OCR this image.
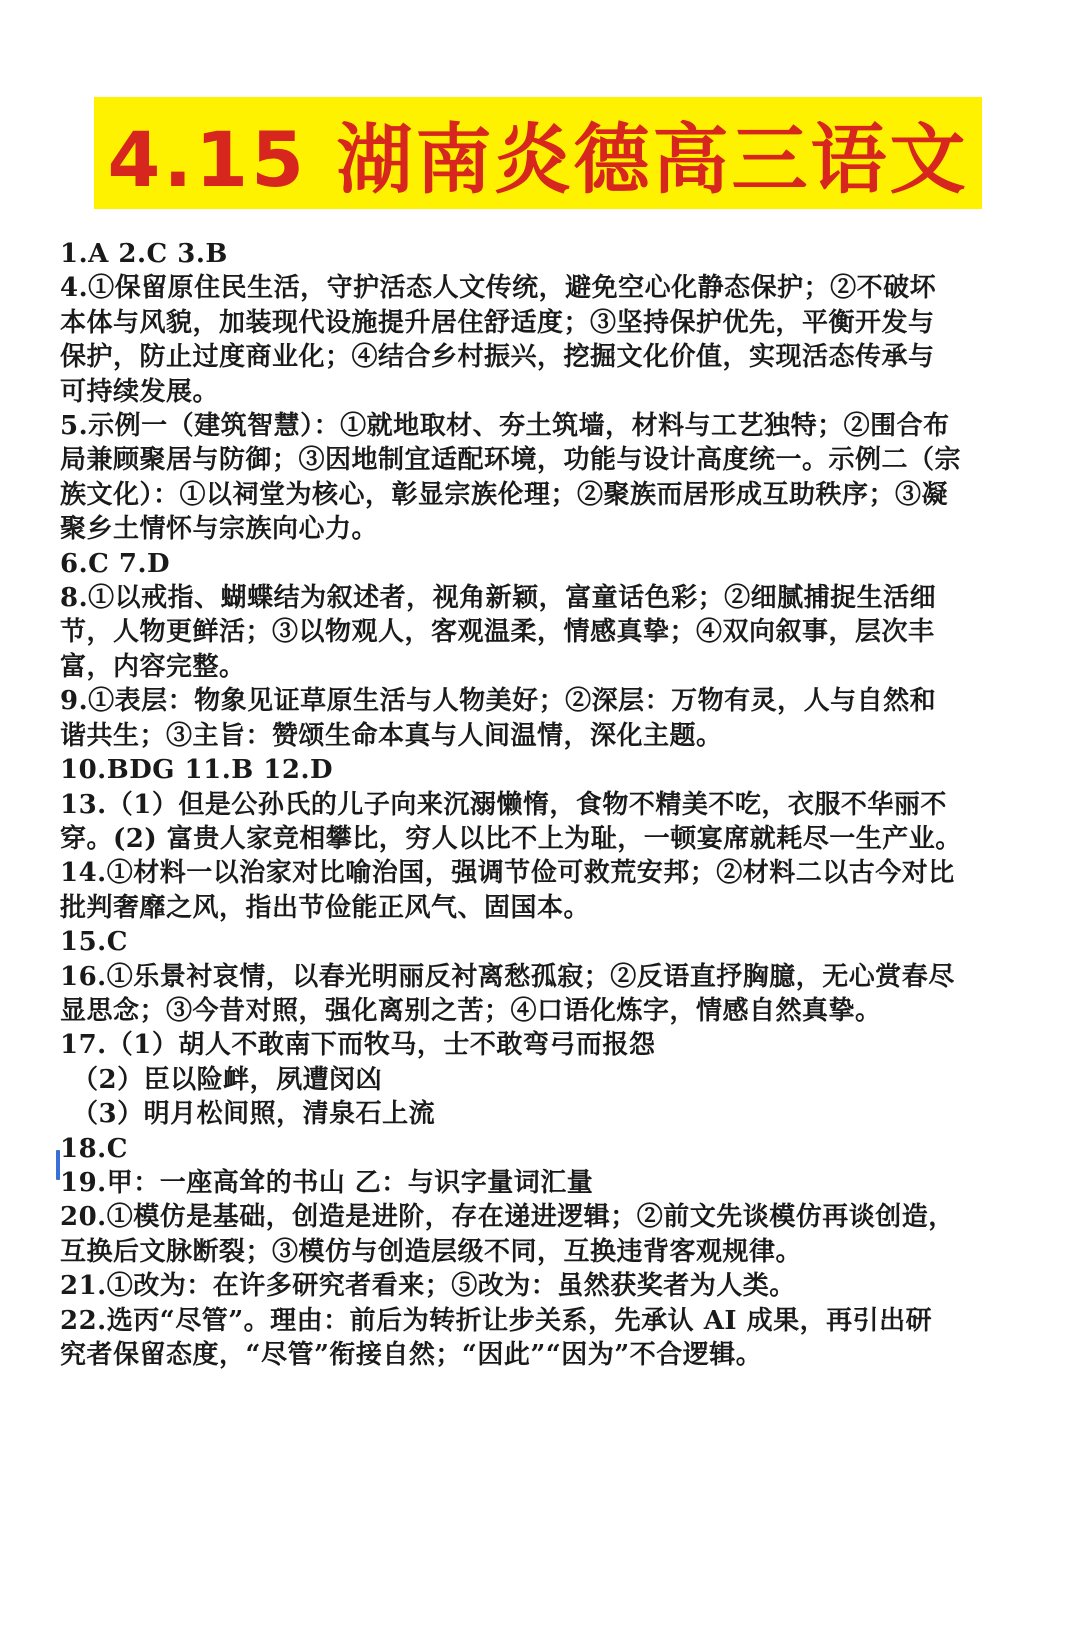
4.15 湖南炎德高三语文
1.A 2.C 3.B
4.①保留原住民生活，守护活态人文传统，避免空心化静态保护；②不破坏
本体与风貌，加装现代设施提升居住舒适度；③坚持保护优先，平衡开发与
保护，防止过度商业化；④结合乡村振兴，挖掘文化价值，实现活态传承与
可持续发展。
5.示例一（建筑智慧）：①就地取材、夯土筑墙，材料与工艺独特；②围合布
局兼顾聚居与防御；③因地制宜适配环境，功能与设计高度统一。示例二（宗
族文化）：①以祠堂为核心，彰显宗族伦理；②聚族而居形成互助秩序；③凝
聚乡土情怀与宗族向心力。
6.C 7.D
8.①以戒指、蝴蝶结为叙述者，视角新颖，富童话色彩；②细腻捕捉生活细
节，人物更鲜活；③以物观人，客观温柔，情感真挚；④双向叙事，层次丰
富，内容完整。
9.①表层：物象见证草原生活与人物美好；②深层：万物有灵，人与自然和
谐共生；③主旨：赞颂生命本真与人间温情，深化主题。
10.BDG 11.B 12.D
13.（1）但是公孙氏的儿子向来沉溺懒惰，食物不精美不吃，衣服不华丽不
穿。(2) 富贵人家竞相攀比，穷人以比不上为耻，一顿宴席就耗尽一生产业。
14.①材料一以治家对比喻治国，强调节俭可救荒安邦；②材料二以古今对比
批判奢靡之风，指出节俭能正风气、固国本。
15.C
16.①乐景衬哀情，以春光明丽反衬离愁孤寂；②反语直抒胸臆，无心赏春尽
显思念；③今昔对照，强化离别之苦；④口语化炼字，情感自然真挚。
17.（1）胡人不敢南下而牧马，士不敢弯弓而报怨
（2）臣以险衅，夙遭闵凶
（3）明月松间照，清泉石上流
18.C
19.甲：一座高耸的书山 乙：与识字量词汇量
20.①模仿是基础，创造是进阶，存在递进逻辑；②前文先谈模仿再谈创造，
互换后文脉断裂；③模仿与创造层级不同，互换违背客观规律。
21.①改为：在许多研究者看来；⑤改为：虽然获奖者为人类。
22.选丙“尽管”。理由：前后为转折让步关系，先承认 AI 成果，再引出研
究者保留态度，“尽管”衔接自然；“因此”“因为”不合逻辑。
